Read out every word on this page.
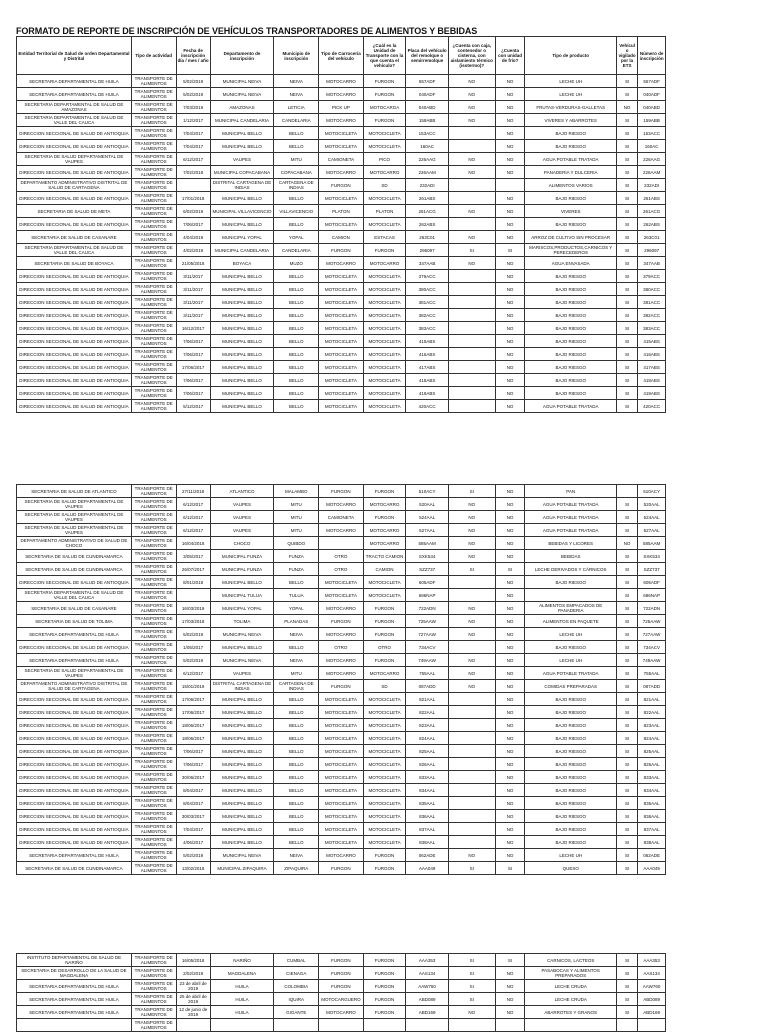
FORMATO DE REPORTE DE INSCRIPCIÓN DE VEHÍCULOS TRANSPORTADORES DE ALIMENTOS Y BEBIDAS
Entidad Territorial de Salud de orden Departamental y Distrital	Tipo de actividad	Fecha de inscripción día / mes / año	Departamento de inscripción	Municipio de inscripción	Tipo de Carrocería del vehículo	¿Cuál es la Unidad de Transporte con la que cuenta el vehículo?	Placa del vehículo del remolque o semirremolque	¿Cuenta con caja, contenedor o cisterna, con aislamiento térmico (isotermo)?	¿Cuenta con unidad de frío?	Tipo de producto	Vehículo vigilado por la ETS	Número de inscripción
SECRETARIA DEPARTAMENTAL DE HUILA	TRANSPORTE DE ALIMENTOS	5/02/2019	MUNICIPAL NEIVA	NEIVA	MOTOCARRO	FURGON	557ADF	NO	NO	LECHE UH	SI	557ADF
SECRETARIA DEPARTAMENTAL DE HUILA	TRANSPORTE DE ALIMENTOS	5/02/2019	MUNICIPAL NEIVA	NEIVA	MOTOCARRO	FURGON	040ADF	NO	NO	LECHE UH	SI	040ADF
SECRETARIA DEPARTAMENTAL DE SALUD DE AMAZONAS	TRANSPORTE DE ALIMENTOS	7/03/2019	AMAZONAS	LETICIA	PICK UP	MOTOCARGA	040ABD	NO	NO	FRUTAS-VERDURAS-GALLETAS	NO	040ABD
SECRETARIA DEPARTAMENTAL DE SALUD DE VALLE DEL CAUCA	TRANSPORTE DE ALIMENTOS	1/12/2017	MUNICIPAL CANDELARIA	CANDELARIA	MOTOCARRO	FURGON	159ABB	NO	NO	VIVERES Y ABARROTES	SI	159ABB
DIRECCION SECCIONAL DE SALUD DE ANTIOQUIA	TRANSPORTE DE ALIMENTOS	7/04/2017	MUNICIPAL BELLO	BELLO	MOTOCICLETA	MOTOCICLETA	153ACC		NO	BAJO RIESGO	SI	153ACC
DIRECCION SECCIONAL DE SALUD DE ANTIOQUIA	TRANSPORTE DE ALIMENTOS	7/04/2017	MUNICIPAL BELLO	BELLO	MOTOCICLETA	MOTOCICLETA	160AC		NO	BAJO RIESGO	SI	160AC
SECRETARIA DE SALUD DEPARTAMENTAL DE VAUPES	TRANSPORTE DE ALIMENTOS	6/12/2017	VAUPES	MITU	CAMIONETA	PICO	226AAG	NO	NO	AGUA POTABLE TRATADA	SI	226AAG
DIRECCION SECCIONAL DE SALUD DE ANTIOQUIA	TRANSPORTE DE ALIMENTOS	7/02/2018	MUNICIPAL COPACABANA	COPACABANA	MOTOCARRO	MOTOCARRO	226AAM	NO	NO	PANADERIA Y DULCERIA	SI	226AAM
DEPARTAMENTO ADMINISTRATIVO DISTRITAL DE SALUD DE CARTAGENA	TRANSPORTE DE ALIMENTOS		DISTRITAL CARTAGENA DE INDIAS	CARTAGENA DE INDIAS	FURGON	SD	232ADI			ALIMENTOS VARIOS	SI	232ADI
DIRECCION SECCIONAL DE SALUD DE ANTIOQUIA	TRANSPORTE DE ALIMENTOS	17/01/2018	MUNICIPAL BELLO	BELLO	MOTOCICLETA	MOTOCICLETA	261ABS		NO	BAJO RIESGO	SI	261ABS
SECRETARIA DE SALUD DE META	TRANSPORTE DE ALIMENTOS	6/02/2019	MUNICIPAL VILLAVICENCIO	VILLAVICENCIO	PLATON	PLATON	261ACG	NO	NO	VIVERES	SI	261ACG
DIRECCION SECCIONAL DE SALUD DE ANTIOQUIA	TRANSPORTE DE ALIMENTOS	7/06/2017	MUNICIPAL BELLO	BELLO	MOTOCICLETA	MOTOCICLETA	262ABS		NO	BAJO RIESGO	SI	262ABS
SECRETARIA DE SALUD DE CASANARE	TRANSPORTE DE ALIMENTOS	4/04/2019	MUNICIPAL YOPAL	YOPAL	CAMION	ESTACAS	263C01	NO	NO	ARROZ DE CULTIVO SIN PROCESAR	SI	263C01
SECRETARIA DEPARTAMENTAL DE SALUD DE VALLE DEL CAUCA	TRANSPORTE DE ALIMENTOS	4/02/2019	MUNICIPAL CANDELARIA	CANDELARIA	FURGON	FURGON	296097	SI	SI	MARISCOS,PRODUCTOS,CARNICOS Y PERECEDEROS	SI	296097
SECRETARIA DE SALUD DE BOYACA	TRANSPORTE DE ALIMENTOS	21/05/2018	BOYACA	MUZO	MOTOCARRO	MOTOCARRO	347AAB	NO	NO	AGUA ENVASADA	SI	347AAB
DIRECCION SECCIONAL DE SALUD DE ANTIOQUIA	TRANSPORTE DE ALIMENTOS	3/11/2017	MUNICIPAL BELLO	BELLO	MOTOCICLETA	MOTOCICLETA	379ACC		NO	BAJO RIESGO	SI	379ACC
DIRECCION SECCIONAL DE SALUD DE ANTIOQUIA	TRANSPORTE DE ALIMENTOS	3/11/2017	MUNICIPAL BELLO	BELLO	MOTOCICLETA	MOTOCICLETA	380ACC		NO	BAJO RIESGO	SI	380ACC
DIRECCION SECCIONAL DE SALUD DE ANTIOQUIA	TRANSPORTE DE ALIMENTOS	3/11/2017	MUNICIPAL BELLO	BELLO	MOTOCICLETA	MOTOCICLETA	381ACC		NO	BAJO RIESGO	SI	381ACC
DIRECCION SECCIONAL DE SALUD DE ANTIOQUIA	TRANSPORTE DE ALIMENTOS	3/11/2017	MUNICIPAL BELLO	BELLO	MOTOCICLETA	MOTOCICLETA	382ACC		NO	BAJO RIESGO	SI	382ACC
DIRECCION SECCIONAL DE SALUD DE ANTIOQUIA	TRANSPORTE DE ALIMENTOS	16/12/2017	MUNICIPAL BELLO	BELLO	MOTOCICLETA	MOTOCICLETA	383ACC		NO	BAJO RIESGO	SI	383ACC
DIRECCION SECCIONAL DE SALUD DE ANTIOQUIA	TRANSPORTE DE ALIMENTOS	7/06/2017	MUNICIPAL BELLO	BELLO	MOTOCICLETA	MOTOCICLETA	415ABS		NO	BAJO RIESGO	SI	415ABS
DIRECCION SECCIONAL DE SALUD DE ANTIOQUIA	TRANSPORTE DE ALIMENTOS	7/06/2017	MUNICIPAL BELLO	BELLO	MOTOCICLETA	MOTOCICLETA	416ABS		NO	BAJO RIESGO	SI	416ABS
DIRECCION SECCIONAL DE SALUD DE ANTIOQUIA	TRANSPORTE DE ALIMENTOS	17/06/2017	MUNICIPAL BELLO	BELLO	MOTOCICLETA	MOTOCICLETA	417ABS		NO	BAJO RIESGO	SI	417ABS
DIRECCION SECCIONAL DE SALUD DE ANTIOQUIA	TRANSPORTE DE ALIMENTOS	7/06/2017	MUNICIPAL BELLO	BELLO	MOTOCICLETA	MOTOCICLETA	418ABS		NO	BAJO RIESGO	SI	418ABS
DIRECCION SECCIONAL DE SALUD DE ANTIOQUIA	TRANSPORTE DE ALIMENTOS	7/06/2017	MUNICIPAL BELLO	BELLO	MOTOCICLETA	MOTOCICLETA	419ABS		NO	BAJO RIESGO	SI	419ABS
DIRECCION SECCIONAL DE SALUD DE ANTIOQUIA	TRANSPORTE DE ALIMENTOS	5/12/2017	MUNICIPAL BELLO	BELLO	MOTOCICLETA	MOTOCICLETA	420ACC		NO	AGUA POTABLE TRATADA	SI	420ACC
SECRETARIA DE SALUD DE ATLANTICO	TRANSPORTE DE ALIMENTOS	27/11/2018	ATLANTICO	MALAMBO	FURGON	FURGON	510ACY	SI	NO	PAN		510ACY
SECRETARIA DE SALUD DEPARTAMENTAL DE VAUPES	TRANSPORTE DE ALIMENTOS	6/12/2017	VAUPES	MITU	MOTOCARRO	MOTOCARRO	520AAL	NO	NO	AGUA POTABLE TRATADA	SI	520AAL
SECRETARIA DE SALUD DEPARTAMENTAL DE VAUPES	TRANSPORTE DE ALIMENTOS	6/12/2017	VAUPES	MITU	CAMIONETA	FURGON	524AAL	NO	NO	AGUA POTABLE TRATADA	SI	524AAL
SECRETARIA DE SALUD DEPARTAMENTAL DE VAUPES	TRANSPORTE DE ALIMENTOS	6/12/2017	VAUPES	MITU	MOTOCARRO	MOTOCARRO	527AAL	NO	NO	AGUA POTABLE TRATADA	SI	527AAL
DEPARTAMENTO ADMINISTRATIVO DE SALUD DE CHOCO	TRANSPORTE DE ALIMENTOS	16/04/2018	CHOCO	QUIBDO		MOTOCARRO	585AAM	NO	NO	BEBIDAS Y LICORES	NO	585AAM
SECRETARIA DE SALUD DE CUNDINAMARCA	TRANSPORTE DE ALIMENTOS	3/05/2017	MUNICIPAL FUNZA	FUNZA	OTRO	TRACTO CAMION	SXK534	NO	NO	BEBIDAS	SI	SXK534
SECRETARIA DE SALUD DE CUNDINAMARCA	TRANSPORTE DE ALIMENTOS	26/07/2017	MUNICIPAL FUNZA	FUNZA	OTRO	CAMION	SZZ737	SI	SI	LECHE DERIVADOS Y CÁRNICOS	SI	SZZ737
DIRECCION SECCIONAL DE SALUD DE ANTIOQUIA	TRANSPORTE DE ALIMENTOS	8/01/2018	MUNICIPAL BELLO	BELLO	MOTOCICLETA	MOTOCICLETA	605ADF		NO	BAJO RIESGO	SI	605ADF
SECRETARIA DEPARTAMENTAL DE SALUD DE VALLE DEL CAUCA	TRANSPORTE DE ALIMENTOS		MUNICIPAL TULUA	TULUA	MOTOCICLETA	MOTOCICLETA	686NAP		NO		SI	686NAP
SECRETARIA DE SALUD DE CASANARE	TRANSPORTE DE ALIMENTOS	16/03/2019	MUNICIPAL YOPAL	YOPAL	MOTOCARRO	FURGON	722ADN	NO	NO	ALIMENTOS EMPACADOS DE PANADERIA	SI	722ADN
SECRETARIA DE SALUD DE TOLIMA	TRANSPORTE DE ALIMENTOS	17/03/2018	TOLIMA	PLANADAS	FURGON	FURGON	725AAW	NO	NO	ALIMENTOS EN PAQUETE	SI	725AAW
SECRETARIA DEPARTAMENTAL DE HUILA	TRANSPORTE DE ALIMENTOS	5/02/2019	MUNICIPAL NEIVA	NEIVA	MOTOCARRO	FURGON	727AAW	NO	NO	LECHE UH	SI	727AAW
DIRECCION SECCIONAL DE SALUD DE ANTIOQUIA	TRANSPORTE DE ALIMENTOS	1/05/2017	MUNICIPAL BELLO	BELLO	OTRO	OTRO	734ACV		NO	BAJO RIESGO	SI	734ACV
SECRETARIA DEPARTAMENTAL DE HUILA	TRANSPORTE DE ALIMENTOS	5/02/2019	MUNICIPAL NEIVA	NEIVA	MOTOCARRO	FURGON	749AAW	NO	NO	LECHE UH	SI	749AAW
SECRETARIA DE SALUD DEPARTAMENTAL DE VAUPES	TRANSPORTE DE ALIMENTOS	6/12/2017	VAUPES	MITU	MOTOCARRO	MOTOCARRO	755AAL	NO	NO	AGUA POTABLE TRATADA	SI	755AAL
DEPARTAMENTO ADMINISTRATIVO DISTRITAL DE SALUD DE CARTAGENA	TRANSPORTE DE ALIMENTOS	15/01/2019	DISTRITAL CARTAGENA DE INDIAS	CARTAGENA DE INDIAS	FURGON	SD	087ADD	NO	NO	COMIDAS PREPARADAS	SI	087ADD
DIRECCION SECCIONAL DE SALUD DE ANTIOQUIA	TRANSPORTE DE ALIMENTOS	17/06/2017	MUNICIPAL BELLO	BELLO	MOTOCICLETA	MOTOCICLETA	821AAL		NO	BAJO RIESGO	SI	821AAL
DIRECCION SECCIONAL DE SALUD DE ANTIOQUIA	TRANSPORTE DE ALIMENTOS	17/06/2017	MUNICIPAL BELLO	BELLO	MOTOCICLETA	MOTOCICLETA	822AAL		NO	BAJO RIESGO	SI	822AAL
DIRECCION SECCIONAL DE SALUD DE ANTIOQUIA	TRANSPORTE DE ALIMENTOS	18/06/2017	MUNICIPAL BELLO	BELLO	MOTOCICLETA	MOTOCICLETA	823AAL		NO	BAJO RIESGO	SI	823AAL
DIRECCION SECCIONAL DE SALUD DE ANTIOQUIA	TRANSPORTE DE ALIMENTOS	18/06/2017	MUNICIPAL BELLO	BELLO	MOTOCICLETA	MOTOCICLETA	824AAL		NO	BAJO RIESGO	SI	824AAL
DIRECCION SECCIONAL DE SALUD DE ANTIOQUIA	TRANSPORTE DE ALIMENTOS	7/06/2017	MUNICIPAL BELLO	BELLO	MOTOCICLETA	MOTOCICLETA	825AAL		NO	BAJO RIESGO	SI	825AAL
DIRECCION SECCIONAL DE SALUD DE ANTIOQUIA	TRANSPORTE DE ALIMENTOS	7/06/2017	MUNICIPAL BELLO	BELLO	MOTOCICLETA	MOTOCICLETA	826AAL		NO	BAJO RIESGO	SI	826AAL
DIRECCION SECCIONAL DE SALUD DE ANTIOQUIA	TRANSPORTE DE ALIMENTOS	30/06/2017	MUNICIPAL BELLO	BELLO	MOTOCICLETA	MOTOCICLETA	833AAL		NO	BAJO RIESGO	SI	833AAL
DIRECCION SECCIONAL DE SALUD DE ANTIOQUIA	TRANSPORTE DE ALIMENTOS	8/04/2017	MUNICIPAL BELLO	BELLO	MOTOCICLETA	MOTOCICLETA	834AAL		NO	BAJO RIESGO	SI	834AAL
DIRECCION SECCIONAL DE SALUD DE ANTIOQUIA	TRANSPORTE DE ALIMENTOS	8/04/2017	MUNICIPAL BELLO	BELLO	MOTOCICLETA	MOTOCICLETA	835AAL		NO	BAJO RIESGO	SI	835AAL
DIRECCION SECCIONAL DE SALUD DE ANTIOQUIA	TRANSPORTE DE ALIMENTOS	30/03/2017	MUNICIPAL BELLO	BELLO	MOTOCICLETA	MOTOCICLETA	836AAL		NO	BAJO RIESGO	SI	836AAL
DIRECCION SECCIONAL DE SALUD DE ANTIOQUIA	TRANSPORTE DE ALIMENTOS	7/04/2017	MUNICIPAL BELLO	BELLO	MOTOCICLETA	MOTOCICLETA	837AAL		NO	BAJO RIESGO	SI	837AAL
DIRECCION SECCIONAL DE SALUD DE ANTIOQUIA	TRANSPORTE DE ALIMENTOS	4/06/2017	MUNICIPAL BELLO	BELLO	MOTOCICLETA	MOTOCICLETA	838AAL		NO	BAJO RIESGO	SI	838AAL
SECRETARIA DEPARTAMENTAL DE HUILA	TRANSPORTE DE ALIMENTOS	5/02/2019	MUNICIPAL NEIVA	NEIVA	MOTOCARRO	FURGON	062ADE	NO	NO	LECHE UH	SI	062ADE
SECRETARIA DE SALUD DE CUNDINAMARCA	TRANSPORTE DE ALIMENTOS	13/02/2018	MUNICIPAL ZIPAQUIRA	ZIPAQUIRA	FURGON	FURGON	AAA049	SI	SI	QUESO	SI	AAA049
INSTITUTO DEPARTAMENTAL DE SALUD DE NARIÑO	TRANSPORTE DE ALIMENTOS	16/05/2018	NARIÑO	CUMBAL	FURGON	FURGON	AAA353	SI	SI	CARNICOS, LACTEOS	SI	AAA353
SECRETARIA DE DESARROLLO DE LA SALUD DE MAGDALENA	TRANSPORTE DE ALIMENTOS	2/02/2018	MAGDALENA	CIENAGA	FURGON	FURGON	AAS134	SI	NO	PASABOCAS Y ALIMENTOS PREPARADOS	SI	AAS134
SECRETARIA DEPARTAMENTAL DE HUILA	TRANSPORTE DE ALIMENTOS	23 de abril de 2019	HUILA	COLOMBIA	FURGON	FURGON	AAW760	SI	NO	LECHE CRUDA	SI	AAW760
SECRETARIA DEPARTAMENTAL DE HUILA	TRANSPORTE DE ALIMENTOS	25 de abril de 2019	HUILA	IQUIRA	MOTOCARGUERO	FURGON	ABD089	SI	NO	LECHE CRUDA	SI	ABD089
SECRETARIA DEPARTAMENTAL DE HUILA	TRANSPORTE DE ALIMENTOS	12 de junio de 2019	HUILA	GIGANTE	MOTOCARRO	FURGON	ABD169	NO	NO	ABARROTES Y GRANOS	SI	ABD169
	TRANSPORTE DE ALIMENTOS											
